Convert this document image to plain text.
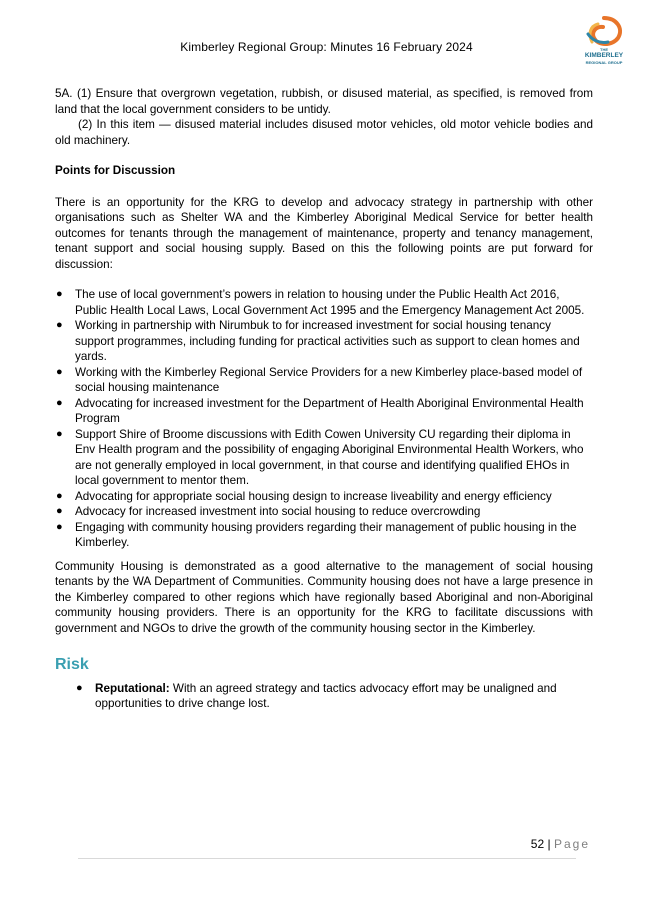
Kimberley Regional Group: Minutes 16 February 2024	THE
KIMBERLEY
REGIONAL GROUP

5A. (1) Ensure that overgrown vegetation, rubbish, or disused material, as specified, is removed from land that the local government considers to be untidy.

(2) In this item — disused material includes disused motor vehicles, old motor vehicle bodies and old machinery.

Points for Discussion

There is an opportunity for the KRG to develop and advocacy strategy in partnership with other organisations such as Shelter WA and the Kimberley Aboriginal Medical Service for better health outcomes for tenants through the management of maintenance, property and tenancy management, tenant support and social housing supply. Based on this the following points are put forward for discussion:

● The use of local government’s powers in relation to housing under the Public Health Act 2016, Public Health Local Laws, Local Government Act 1995 and the Emergency Management Act 2005.
● Working in partnership with Nirumbuk to for increased investment for social housing tenancy support programmes, including funding for practical activities such as support to clean homes and yards.
● Working with the Kimberley Regional Service Providers for a new Kimberley place-based model of social housing maintenance
● Advocating for increased investment for the Department of Health Aboriginal Environmental Health Program
● Support Shire of Broome discussions with Edith Cowen University CU regarding their diploma in Env Health program and the possibility of engaging Aboriginal Environmental Health Workers, who are not generally employed in local government, in that course and identifying qualified EHOs in local government to mentor them.
● Advocating for appropriate social housing design to increase liveability and energy efficiency
● Advocacy for increased investment into social housing to reduce overcrowding
● Engaging with community housing providers regarding their management of public housing in the Kimberley.

Community Housing is demonstrated as a good alternative to the management of social housing tenants by the WA Department of Communities. Community housing does not have a large presence in the Kimberley compared to other regions which have regionally based Aboriginal and non-Aboriginal community housing providers. There is an opportunity for the KRG to facilitate discussions with government and NGOs to drive the growth of the community housing sector in the Kimberley.

Risk

● Reputational: With an agreed strategy and tactics advocacy effort may be unaligned and opportunities to drive change lost.
52 | Page
